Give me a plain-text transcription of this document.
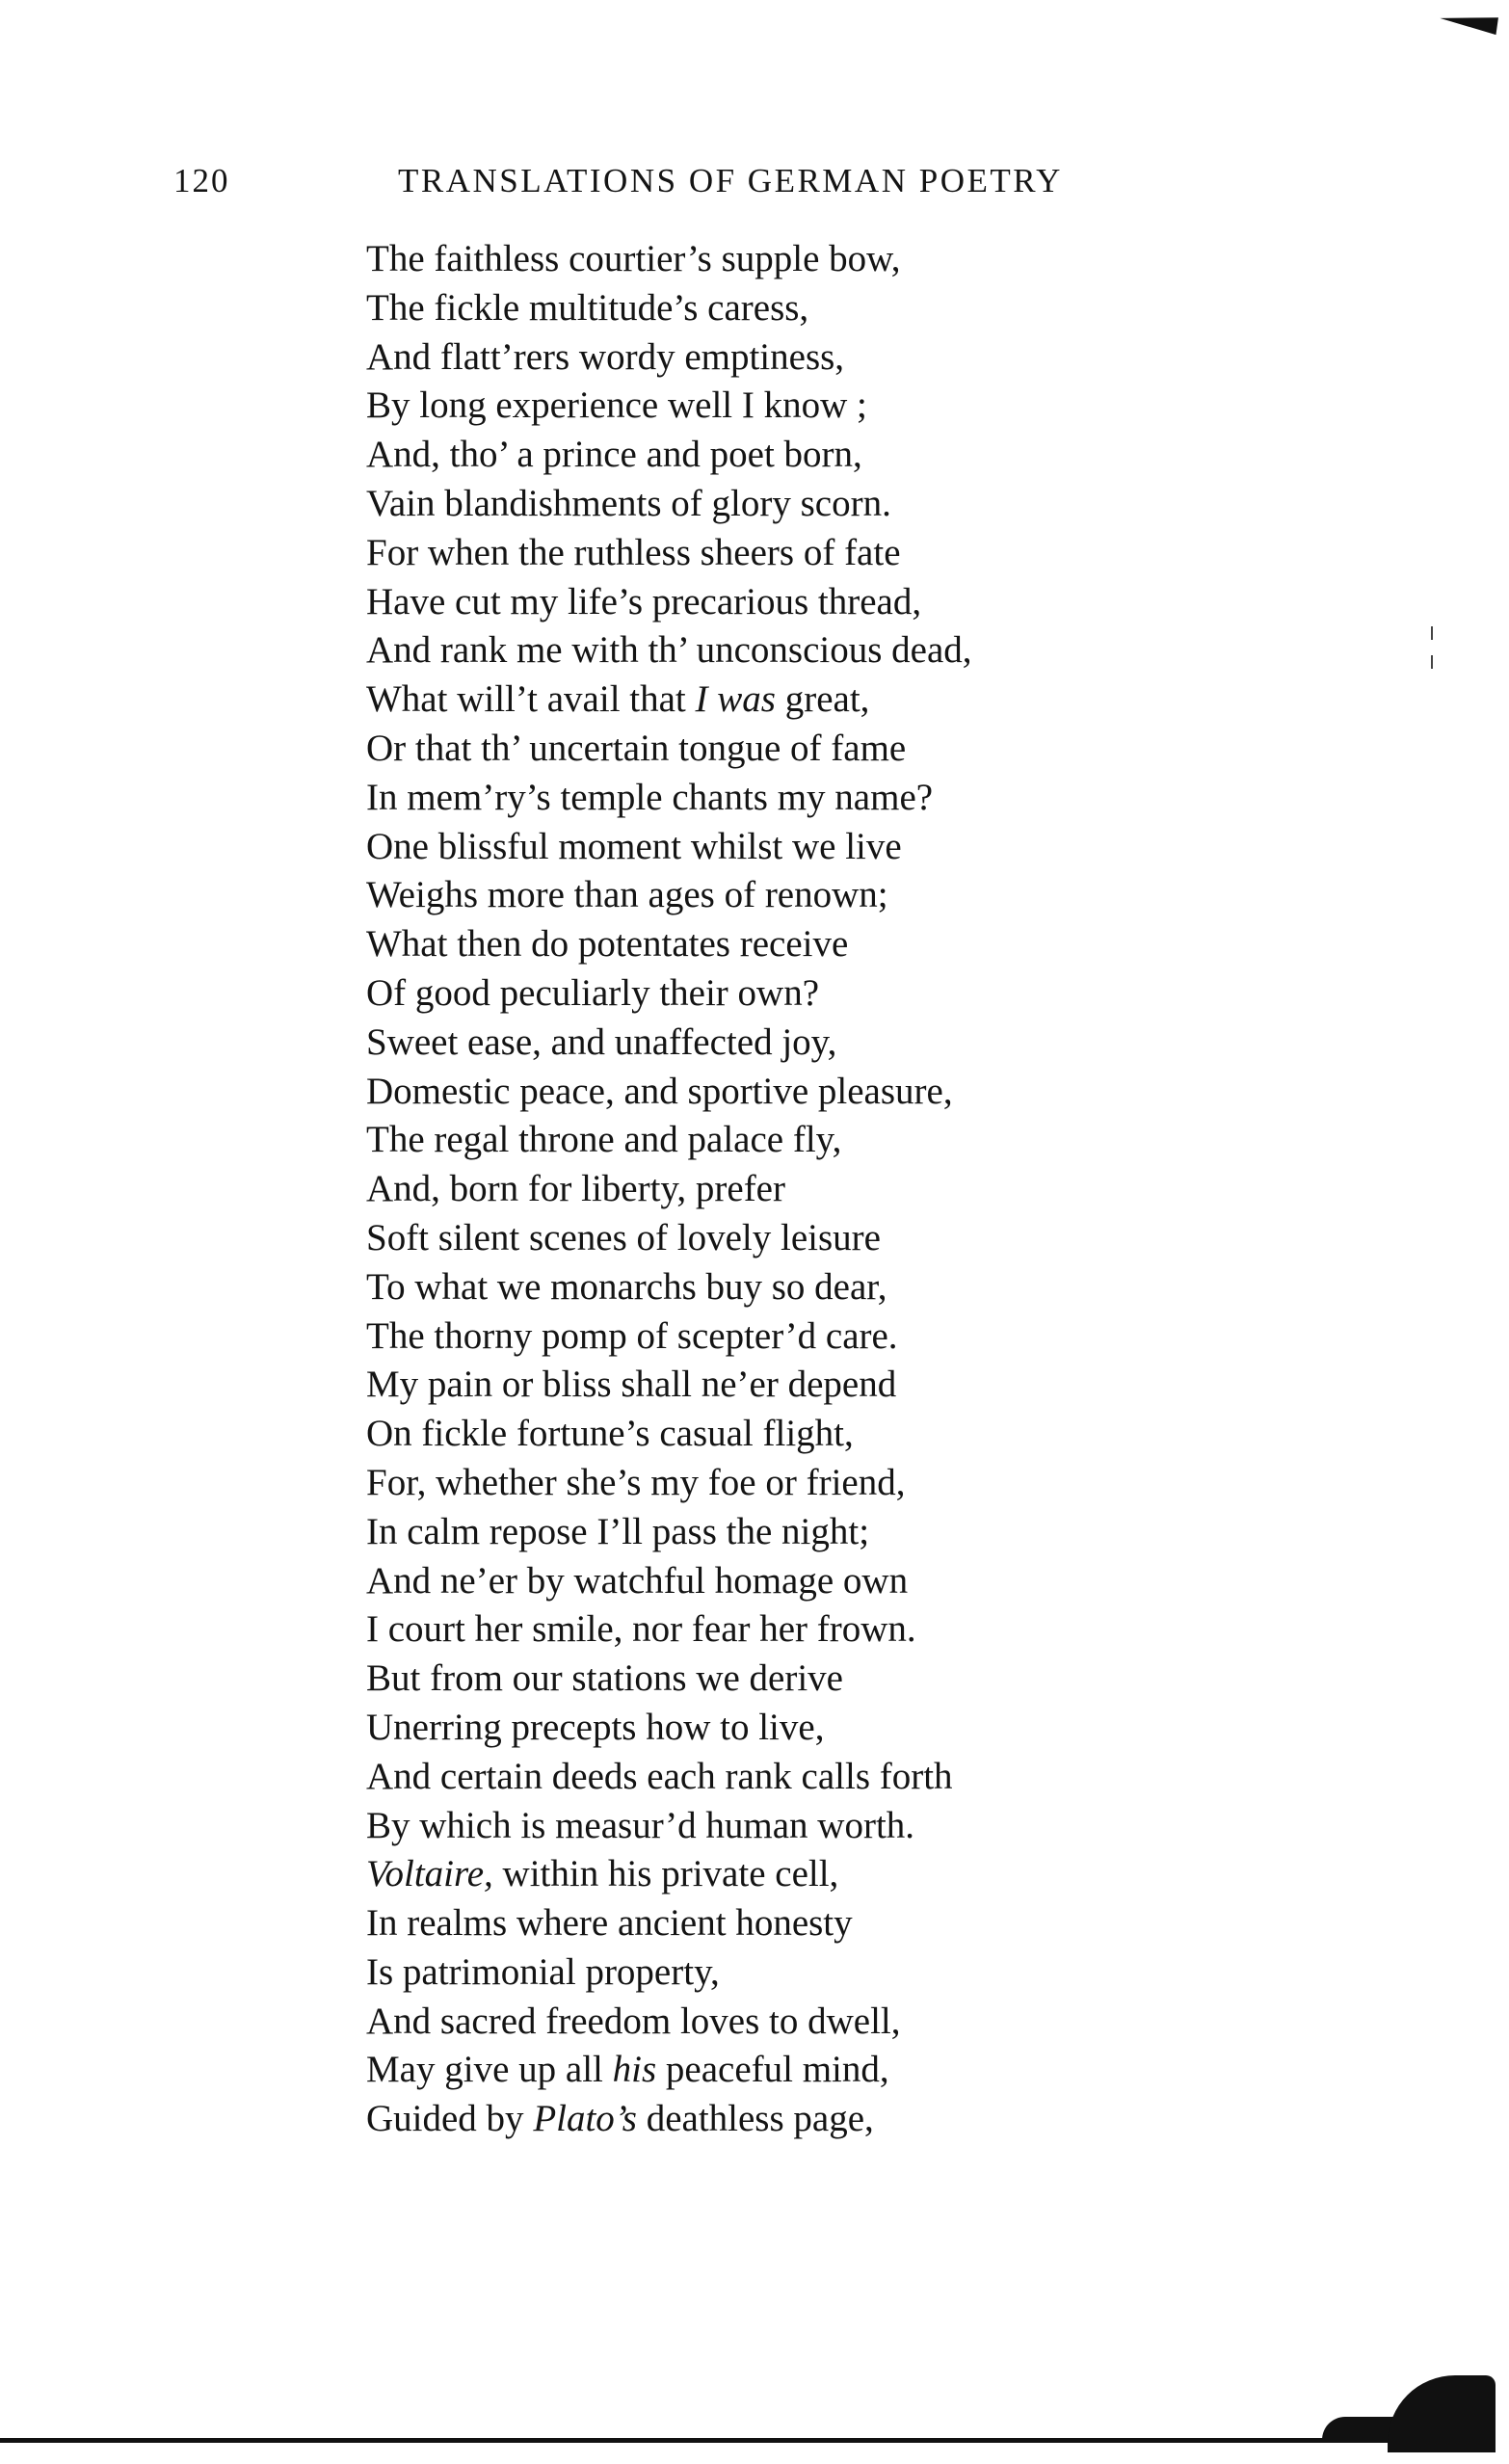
120	TRANSLATIONS OF GERMAN POETRY
The faithless courtier’s supple bow,
The fickle multitude’s caress,
And flatt’rers wordy emptiness,
By long experience well I know ;
And, tho’ a prince and poet born,
Vain blandishments of glory scorn.
For when the ruthless sheers of fate
Have cut my life’s precarious thread,
And rank me with th’ unconscious dead,
What will’t avail that I was great,
Or that th’ uncertain tongue of fame
In mem’ry’s temple chants my name?
One blissful moment whilst we live
Weighs more than ages of renown;
What then do potentates receive
Of good peculiarly their own?
Sweet ease, and unaffected joy,
Domestic peace, and sportive pleasure,
The regal throne and palace fly,
And, born for liberty, prefer
Soft silent scenes of lovely leisure
To what we monarchs buy so dear,
The thorny pomp of scepter’d care.
My pain or bliss shall ne’er depend
On fickle fortune’s casual flight,
For, whether she’s my foe or friend,
In calm repose I’ll pass the night;
And ne’er by watchful homage own
I court her smile, nor fear her frown.
But from our stations we derive
Unerring precepts how to live,
And certain deeds each rank calls forth
By which is measur’d human worth.
Voltaire, within his private cell,
In realms where ancient honesty
Is patrimonial property,
And sacred freedom loves to dwell,
May give up all his peaceful mind,
Guided by Plato’s deathless page,
